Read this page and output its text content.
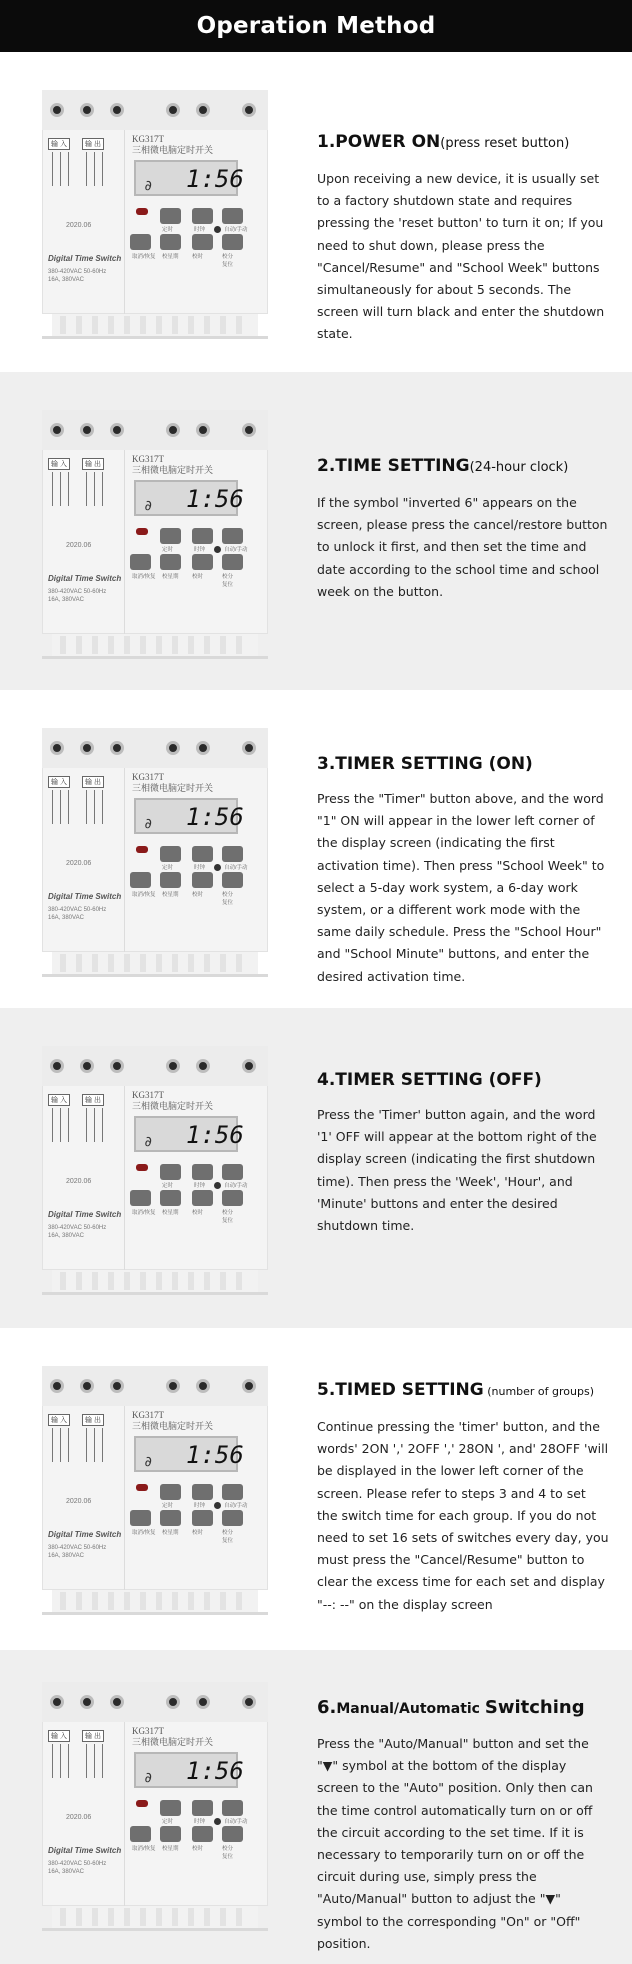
Operation Method
KG317T
三相微电脑定时开关
∂ 1:56
输 入	输 出
2020.06
Digital Time Switch
380-420VAC 50-60Hz
16A, 380VAC
定时	时钟	自动/手动
取消/恢复 校星期 校时	校分
复位
1.POWER ON(press reset button)
Upon receiving a new device, it is usually set to a factory shutdown state and requires pressing the 'reset button' to turn it on; If you need to shut down, please press the "Cancel/Resume" and "School Week" buttons simultaneously for about 5 seconds. The screen will turn black and enter the shutdown state.
KG317T
三相微电脑定时开关
∂ 1:56
输 入	输 出
2020.06
Digital Time Switch
380-420VAC 50-60Hz
16A, 380VAC
定时	时钟	自动/手动
取消/恢复 校星期 校时	校分
复位
2.TIME SETTING(24-hour clock)
If the symbol "inverted 6" appears on the screen, please press the cancel/restore button to unlock it first, and then set the time and date according to the school time and school week on the button.
KG317T
三相微电脑定时开关
∂ 1:56
输 入	输 出
2020.06
Digital Time Switch
380-420VAC 50-60Hz
16A, 380VAC
定时	时钟	自动/手动
取消/恢复 校星期 校时	校分
复位
3.TIMER SETTING (ON)
Press the "Timer" button above, and the word "1" ON will appear in the lower left corner of the display screen (indicating the first activation time). Then press "School Week" to select a 5-day work system, a 6-day work system, or a different work mode with the same daily schedule. Press the "School Hour" and "School Minute" buttons, and enter the desired activation time.
KG317T
三相微电脑定时开关
∂ 1:56
输 入	输 出
2020.06
Digital Time Switch
380-420VAC 50-60Hz
16A, 380VAC
定时	时钟	自动/手动
取消/恢复 校星期 校时	校分
复位
4.TIMER SETTING (OFF)
Press the 'Timer' button again, and the word '1' OFF will appear at the bottom right of the display screen (indicating the first shutdown time). Then press the 'Week', 'Hour', and 'Minute' buttons and enter the desired shutdown time.
KG317T
三相微电脑定时开关
∂ 1:56
输 入	输 出
2020.06
Digital Time Switch
380-420VAC 50-60Hz
16A, 380VAC
定时	时钟	自动/手动
取消/恢复 校星期 校时	校分
复位
5.TIMED SETTING (number of groups)
Continue pressing the 'timer' button, and the words' 2ON ',' 2OFF ',' 28ON ', and' 28OFF 'will be displayed in the lower left corner of the screen. Please refer to steps 3 and 4 to set the switch time for each group. If you do not need to set 16 sets of switches every day, you must press the "Cancel/Resume" button to clear the excess time for each set and display "--: --" on the display screen
KG317T
三相微电脑定时开关
∂ 1:56
输 入	输 出
2020.06
Digital Time Switch
380-420VAC 50-60Hz
16A, 380VAC
定时	时钟	自动/手动
取消/恢复 校星期 校时	校分
复位
6.Manual/Automatic Switching
Press the "Auto/Manual" button and set the "▼" symbol at the bottom of the display screen to the "Auto" position. Only then can the time control automatically turn on or off the circuit according to the set time. If it is necessary to temporarily turn on or off the circuit during use, simply press the "Auto/Manual" button to adjust the "▼" symbol to the corresponding "On" or "Off" position.
